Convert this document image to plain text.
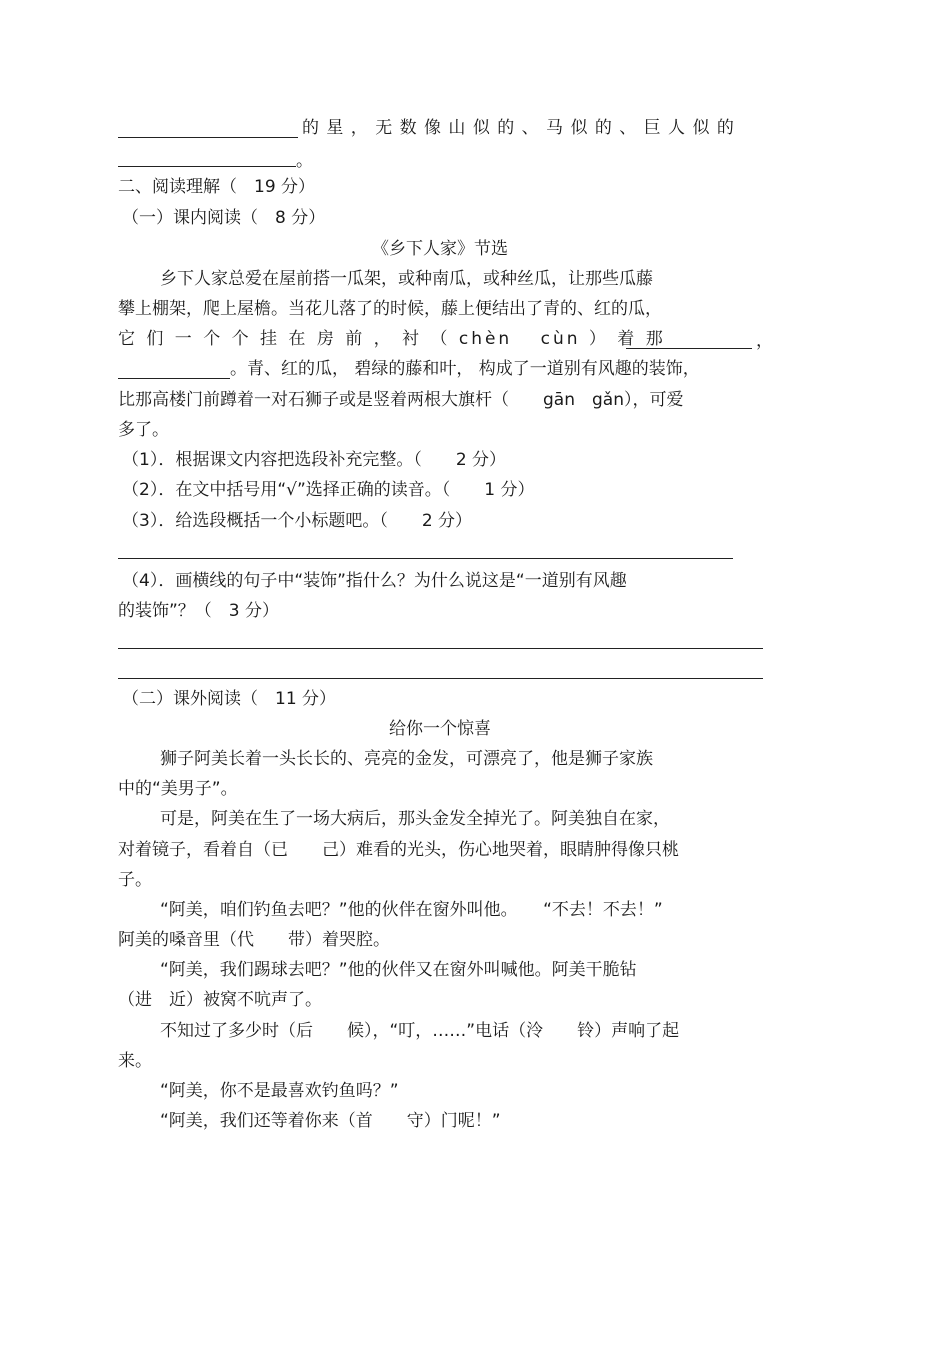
的 星 ， 无 数 像 山 似 的 、 马 似 的 、 巨 人 似 的
。
二、阅读理解（　19 分）
（一）课内阅读（　8 分）
《乡下人家》节选
乡下人家总爱在屋前搭一瓜架，或种南瓜，或种丝瓜，让那些瓜藤
攀上棚架，爬上屋檐。当花儿落了的时候，藤上便结出了青的、红的瓜，
它 们 一 个 个 挂 在 房 前 ， 衬 （ chèn　 cùn ） 着 那	，
。青、红的瓜， 碧绿的藤和叶， 构成了一道别有风趣的装饰，
比那高楼门前蹲着一对石狮子或是竖着两根大旗杆（　　gān　gǎn），可爱
多了。
（1）．根据课文内容把选段补充完整。（　　2 分）
（2）．在文中括号用“√”选择正确的读音。（　　1 分）
（3）．给选段概括一个小标题吧。（　　2 分）
（4）．画横线的句子中“装饰”指什么？为什么说这是“一道别有风趣
的装饰”？（　3 分）
（二）课外阅读（　11 分）
给你一个惊喜
狮子阿美长着一头长长的、亮亮的金发，可漂亮了，他是狮子家族
中的“美男子”。
可是，阿美在生了一场大病后，那头金发全掉光了。阿美独自在家，
对着镜子，看着自（已　　己）难看的光头，伤心地哭着，眼睛肿得像只桃
子。
“阿美，咱们钓鱼去吧？”他的伙伴在窗外叫他。　　“不去！不去！”
阿美的嗓音里（代　　带）着哭腔。
“阿美，我们踢球去吧？”他的伙伴又在窗外叫喊他。阿美干脆钻
（进　近）被窝不吭声了。
不知过了多少时（后　　候），“叮，……”电话（泠　　铃）声响了起
来。
“阿美，你不是最喜欢钓鱼吗？”
“阿美，我们还等着你来（首　　守）门呢！”
